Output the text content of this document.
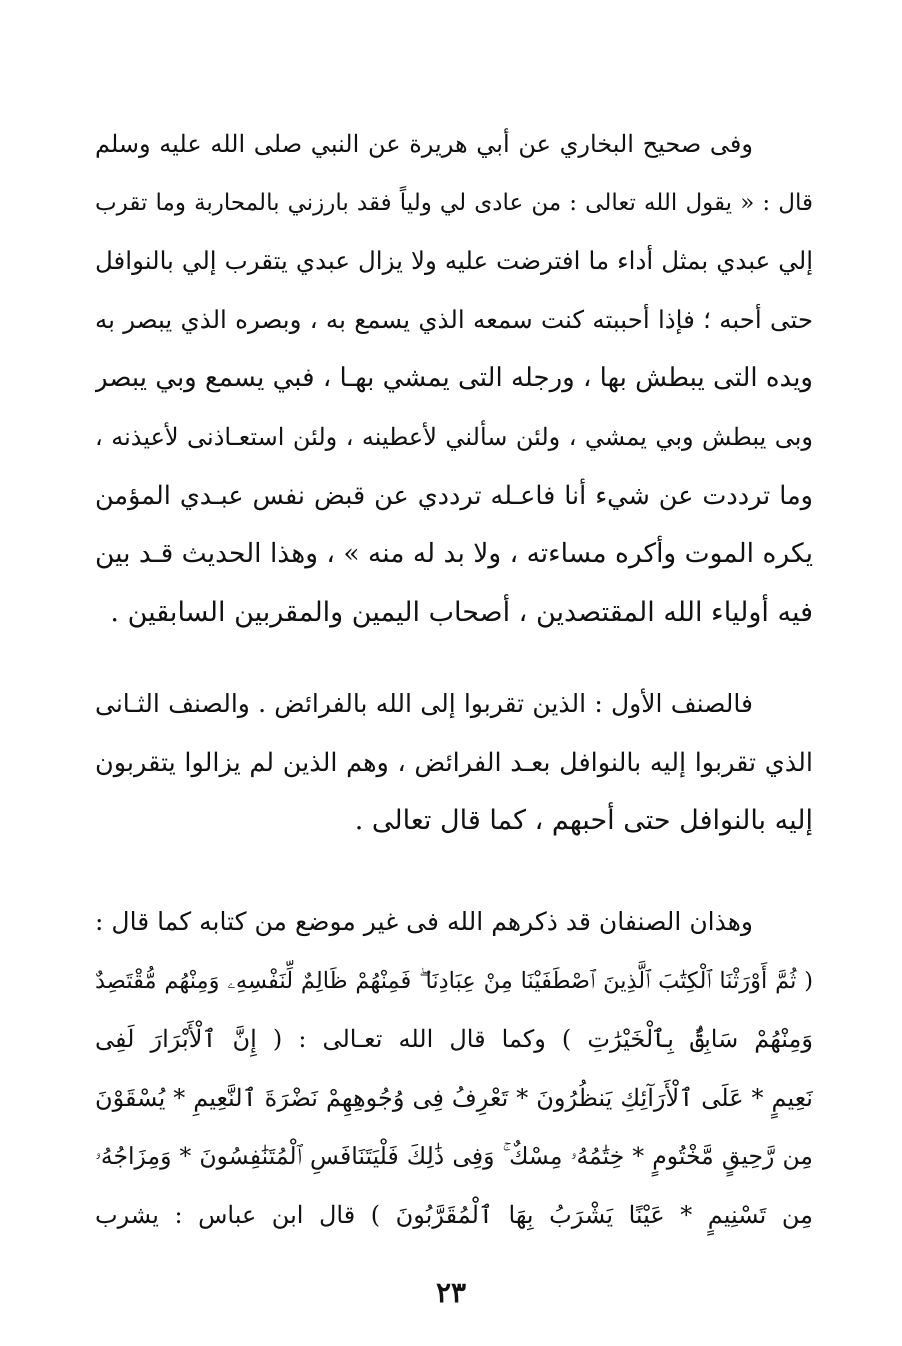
وفى صحيح البخاري عن أبي هريرة عن النبي صلى الله عليه وسلم
قال : « يقول الله تعالى : من عادى لي ولياً فقد بارزني بالمحاربة وما تقرب
إلي عبدي بمثل أداء ما افترضت عليه ولا يزال عبدي يتقرب إلي بالنوافل
حتى أحبه ؛ فإذا أحببته كنت سمعه الذي يسمع به ، وبصره الذي يبصر به
ويده التى يبطش بها ، ورجله التى يمشي بهـا ، فبي يسمع وبي يبصر
وبى يبطش وبي يمشي ، ولئن سألني لأعطينه ، ولئن استعـاذنى لأعيذنه ،
وما ترددت عن شيء أنا فاعـله ترددي عن قبض نفس عبـدي المؤمن
يكره الموت وأكره مساءته ، ولا بد له منه » ، وهذا الحديث قـد بين
فيه أولياء الله المقتصدين ، أصحاب اليمين والمقربين السابقين .
فالصنف الأول : الذين تقربوا إلى الله بالفرائض . والصنف الثـانى
الذي تقربوا إليه بالنوافل بعـد الفرائض ، وهم الذين لم يزالوا يتقربون
إليه بالنوافل حتى أحبهم ، كما قال تعالى .
وهذان الصنفان قد ذكرهم الله فى غير موضع من كتابه كما قال :
( ثُمَّ أَوْرَثْنَا ٱلْكِتَٰبَ ٱلَّذِينَ ٱصْطَفَيْنَا مِنْ عِبَادِنَا ۖ فَمِنْهُمْ ظَالِمٌ لِّنَفْسِهِۦ وَمِنْهُم مُّقْتَصِدٌ
وَمِنْهُمْ سَابِقٌۢ بِٱلْخَيْرَٰتِ ) وكما قال الله تعـالى : ( إِنَّ ٱلْأَبْرَارَ لَفِى
نَعِيمٍ * عَلَى ٱلْأَرَآئِكِ يَنظُرُونَ * تَعْرِفُ فِى وُجُوهِهِمْ نَضْرَةَ ٱلنَّعِيمِ * يُسْقَوْنَ
مِن رَّحِيقٍ مَّخْتُومٍ * خِتَٰمُهُۥ مِسْكٌ ۚ وَفِى ذَٰلِكَ فَلْيَتَنَافَسِ ٱلْمُتَنَٰفِسُونَ * وَمِزَاجُهُۥ
مِن تَسْنِيمٍ * عَيْنًا يَشْرَبُ بِهَا ٱلْمُقَرَّبُونَ ) قال ابن عباس : يشرب
٢٣
